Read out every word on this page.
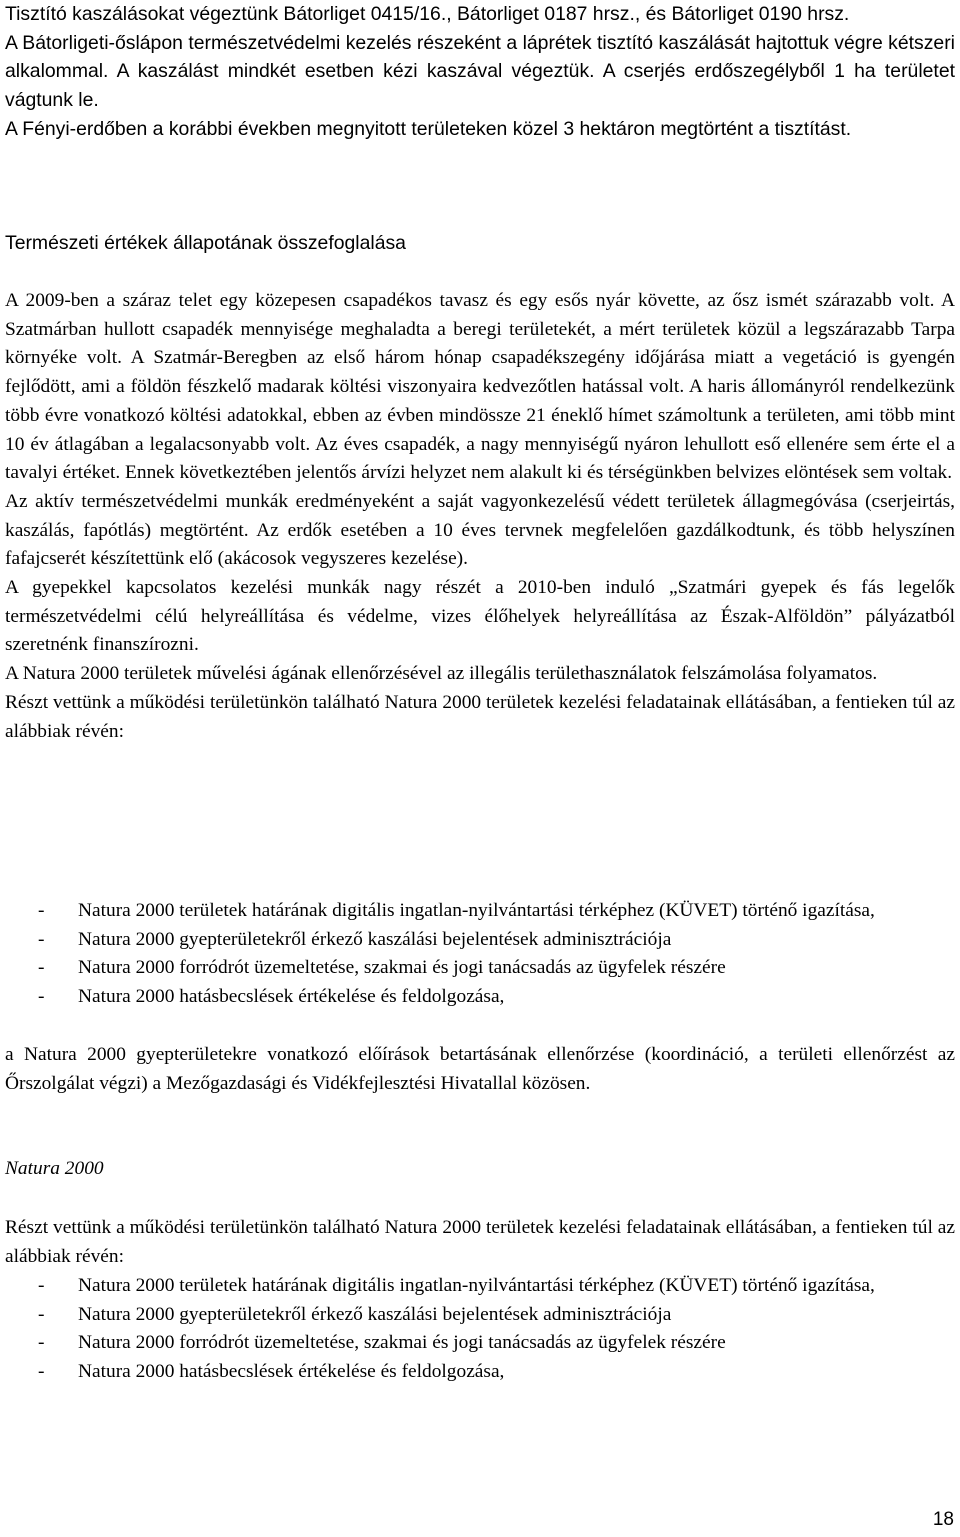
Tisztító kaszálásokat végeztünk Bátorliget 0415/16., Bátorliget 0187 hrsz., és Bátorliget 0190 hrsz.

A Bátorligeti-őslápon természetvédelmi kezelés részeként a láprétek tisztító kaszálását hajtottuk végre kétszeri alkalommal. A kaszálást mindkét esetben kézi kaszával végeztük. A cserjés erdőszegélyből 1 ha területet vágtunk le.

A Fényi-erdőben a korábbi években megnyitott területeken közel 3 hektáron megtörtént a tisztítást.

Természeti értékek állapotának összefoglalása

A 2009-ben a száraz telet egy közepesen csapadékos tavasz és egy esős nyár követte, az ősz ismét szárazabb volt. A Szatmárban hullott csapadék mennyisége meghaladta a beregi területekét, a mért területek közül a legszárazabb Tarpa környéke volt. A Szatmár-Beregben az első három hónap csapadékszegény időjárása miatt a vegetáció is gyengén fejlődött, ami a földön fészkelő madarak költési viszonyaira kedvezőtlen hatással volt. A haris állományról rendelkezünk több évre vonatkozó költési adatokkal, ebben az évben mindössze 21 éneklő hímet számoltunk a területen, ami több mint 10 év átlagában a legalacsonyabb volt. Az éves csapadék, a nagy mennyiségű nyáron lehullott eső ellenére sem érte el a tavalyi értéket. Ennek következtében jelentős árvízi helyzet nem alakult ki és térségünkben belvizes elöntések sem voltak.

Az aktív természetvédelmi munkák eredményeként a saját vagyonkezelésű védett területek állagmegóvása (cserjeirtás, kaszálás, fapótlás) megtörtént. Az erdők esetében a 10 éves tervnek megfelelően gazdálkodtunk, és több helyszínen fafajcserét készítettünk elő (akácosok vegyszeres kezelése).

A gyepekkel kapcsolatos kezelési munkák nagy részét a 2010-ben induló „Szatmári gyepek és fás legelők természetvédelmi célú helyreállítása és védelme, vizes élőhelyek helyreállítása az Észak-Alföldön” pályázatból szeretnénk finanszírozni.

A Natura 2000 területek művelési ágának ellenőrzésével az illegális területhasználatok felszámolása folyamatos.

Részt vettünk a működési területünkön található Natura 2000 területek kezelési feladatainak ellátásában, a fentieken túl az alábbiak révén:

- Natura 2000 területek határának digitális ingatlan-nyilvántartási térképhez (KÜVET) történő igazítása,
- Natura 2000 gyepterületekről érkező kaszálási bejelentések adminisztrációja
- Natura 2000 forródrót üzemeltetése, szakmai és jogi tanácsadás az ügyfelek részére
- Natura 2000 hatásbecslések értékelése és feldolgozása,

a Natura 2000 gyepterületekre vonatkozó előírások betartásának ellenőrzése (koordináció, a területi ellenőrzést az Őrszolgálat végzi) a Mezőgazdasági és Vidékfejlesztési Hivatallal közösen.

Natura 2000

Részt vettünk a működési területünkön található Natura 2000 területek kezelési feladatainak ellátásában, a fentieken túl az alábbiak révén:

- Natura 2000 területek határának digitális ingatlan-nyilvántartási térképhez (KÜVET) történő igazítása,
- Natura 2000 gyepterületekről érkező kaszálási bejelentések adminisztrációja
- Natura 2000 forródrót üzemeltetése, szakmai és jogi tanácsadás az ügyfelek részére
- Natura 2000 hatásbecslések értékelése és feldolgozása,
18
